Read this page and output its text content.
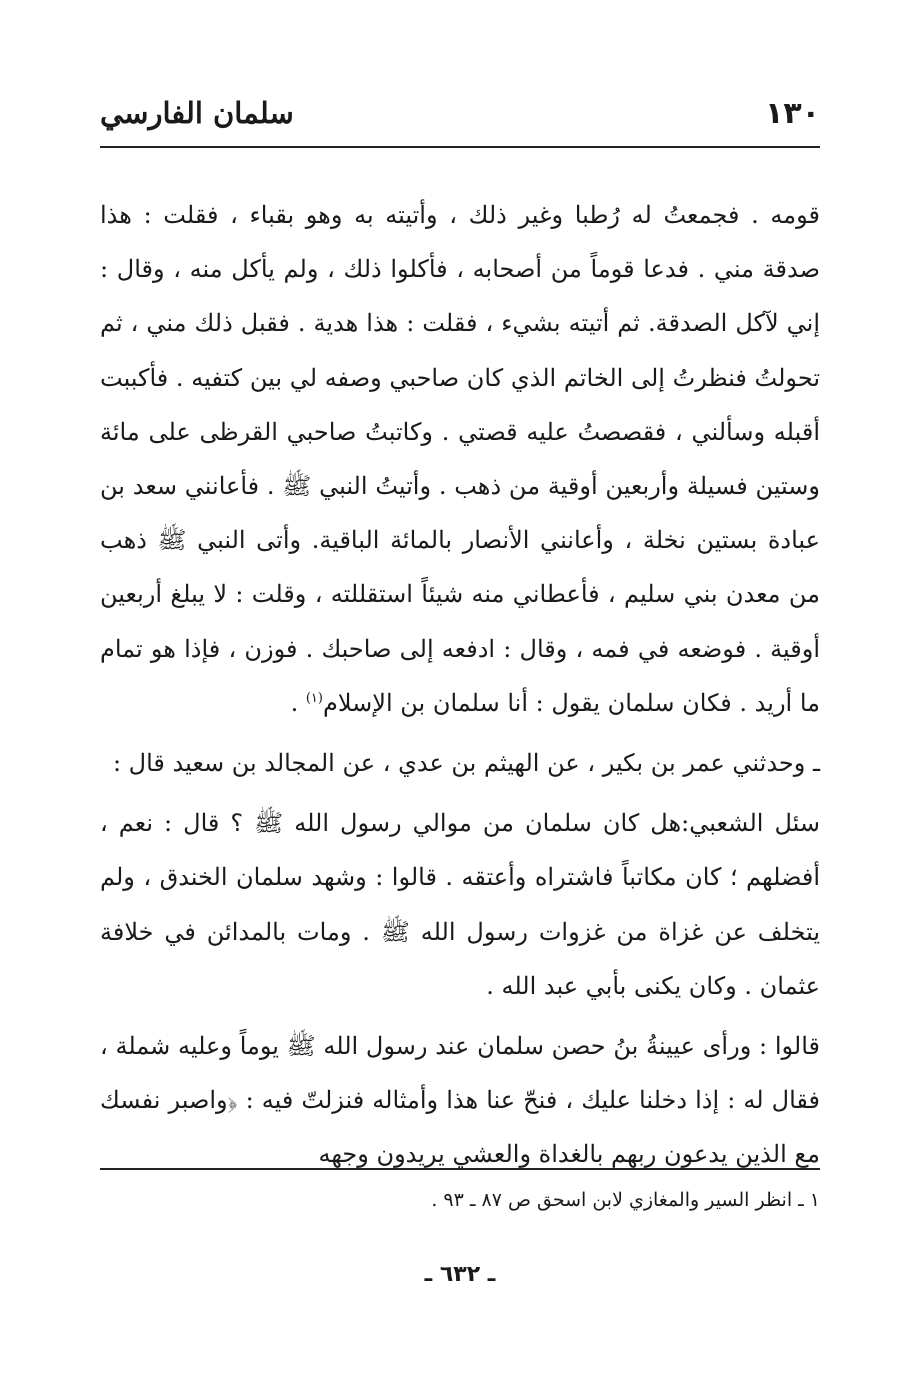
١٣٠
سلمان الفارسي

قومه . فجمعتُ له رُطبا وغير ذلك ، وأتيته به وهو بقباء ، فقلت : هذا صدقة مني . فدعا قوماً من أصحابه ، فأكلوا ذلك ، ولم يأكل منه ، وقال : إني لآكل الصدقة. ثم أتيته بشيء ، فقلت : هذا هدية . فقبل ذلك مني ، ثم تحولتُ فنظرتُ إلى الخاتم الذي كان صاحبي وصفه لي بين كتفيه . فأكببت أقبله وسألني ، فقصصتُ عليه قصتي . وكاتبتُ صاحبي القرظى على مائة وستين فسيلة وأربعين أوقية من ذهب . وأتيتُ النبي ﷺ . فأعانني سعد بن عبادة بستين نخلة ، وأعانني الأنصار بالمائة الباقية. وأتى النبي ﷺ ذهب من معدن بني سليم ، فأعطاني منه شيئاً استقللته ، وقلت : لا يبلغ أربعين أوقية . فوضعه في فمه ، وقال : ادفعه إلى صاحبك . فوزن ، فإذا هو تمام ما أريد . فكان سلمان يقول : أنا سلمان بن الإسلام$^{(١)}$ .

ـ وحدثني عمر بن بكير ، عن الهيثم بن عدي ، عن المجالد بن سعيد قال :

سئل الشعبي:هل كان سلمان من موالي رسول الله ﷺ ؟ قال : نعم ، أفضلهم ؛ كان مكاتباً فاشتراه وأعتقه . قالوا : وشهد سلمان الخندق ، ولم يتخلف عن غزاة من غزوات رسول الله ﷺ . ومات بالمدائن في خلافة عثمان . وكان يكنى بأبي عبد الله .

قالوا : ورأى عيينةُ بنُ حصن سلمان عند رسول الله ﷺ يوماً وعليه شملة ، فقال له : إذا دخلنا عليك ، فنحّ عنا هذا وأمثاله فنزلتّ فيه : ﴿واصبر نفسك مع الذين يدعون ربهم بالغداة والعشي يريدون وجهه

١ ـ انظر السير والمغازي لابن اسحق ص ٨٧ ـ ٩٣ .
ـ ٦٣٢ ـ
